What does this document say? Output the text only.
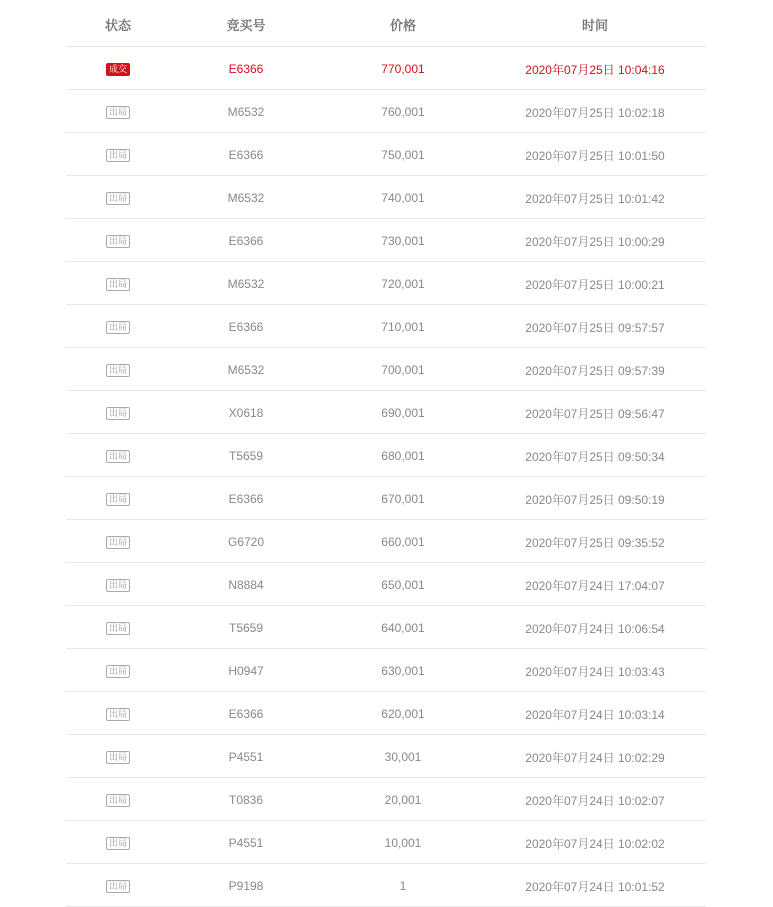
状态	竞买号	价格	时间
成交	E6366	770,001	2020年07月25日 10:04:16
出局	M6532	760,001	2020年07月25日 10:02:18
出局	E6366	750,001	2020年07月25日 10:01:50
出局	M6532	740,001	2020年07月25日 10:01:42
出局	E6366	730,001	2020年07月25日 10:00:29
出局	M6532	720,001	2020年07月25日 10:00:21
出局	E6366	710,001	2020年07月25日 09:57:57
出局	M6532	700,001	2020年07月25日 09:57:39
出局	X0618	690,001	2020年07月25日 09:56:47
出局	T5659	680,001	2020年07月25日 09:50:34
出局	E6366	670,001	2020年07月25日 09:50:19
出局	G6720	660,001	2020年07月25日 09:35:52
出局	N8884	650,001	2020年07月24日 17:04:07
出局	T5659	640,001	2020年07月24日 10:06:54
出局	H0947	630,001	2020年07月24日 10:03:43
出局	E6366	620,001	2020年07月24日 10:03:14
出局	P4551	30,001	2020年07月24日 10:02:29
出局	T0836	20,001	2020年07月24日 10:02:07
出局	P4551	10,001	2020年07月24日 10:02:02
出局	P9198	1	2020年07月24日 10:01:52
